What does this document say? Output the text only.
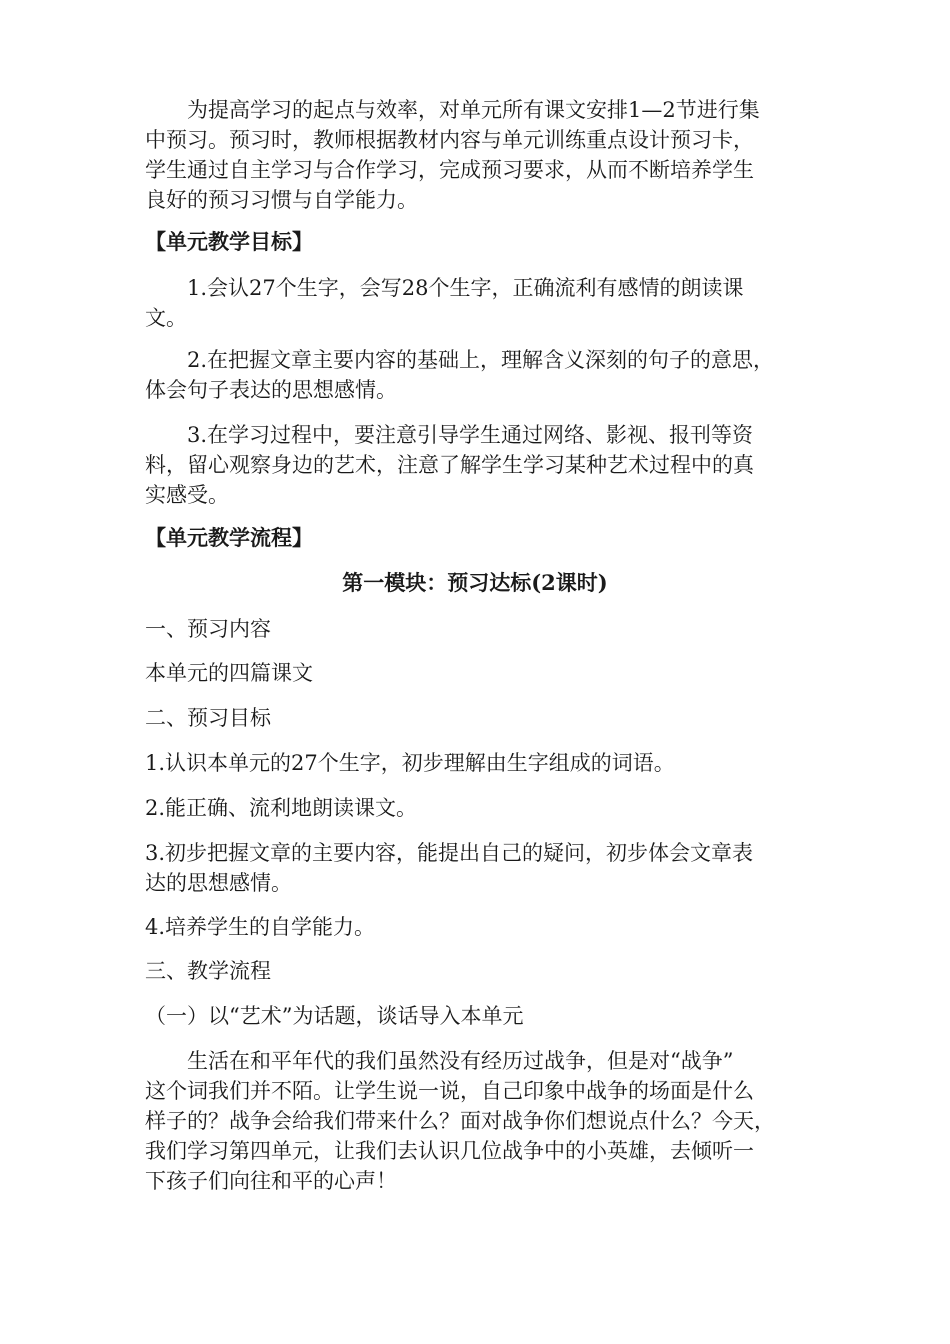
为提高学习的起点与效率，对单元所有课文安排1—2节进行集
中预习。预习时，教师根据教材内容与单元训练重点设计预习卡，
学生通过自主学习与合作学习，完成预习要求，从而不断培养学生
良好的预习习惯与自学能力。
【单元教学目标】
1.会认27个生字，会写28个生字，正确流利有感情的朗读课
文。
2.在把握文章主要内容的基础上，理解含义深刻的句子的意思，
体会句子表达的思想感情。
3.在学习过程中，要注意引导学生通过网络、影视、报刊等资
料，留心观察身边的艺术，注意了解学生学习某种艺术过程中的真
实感受。
【单元教学流程】
第一模块：预习达标(2课时)
一、预习内容
本单元的四篇课文
二、预习目标
1.认识本单元的27个生字，初步理解由生字组成的词语。
2.能正确、流利地朗读课文。
3.初步把握文章的主要内容，能提出自己的疑问，初步体会文章表
达的思想感情。
4.培养学生的自学能力。
三、教学流程
（一）以“艺术”为话题，谈话导入本单元
生活在和平年代的我们虽然没有经历过战争，但是对“战争”
这个词我们并不陌。让学生说一说，自己印象中战争的场面是什么
样子的？战争会给我们带来什么？面对战争你们想说点什么？今天，
我们学习第四单元，让我们去认识几位战争中的小英雄，去倾听一
下孩子们向往和平的心声！
